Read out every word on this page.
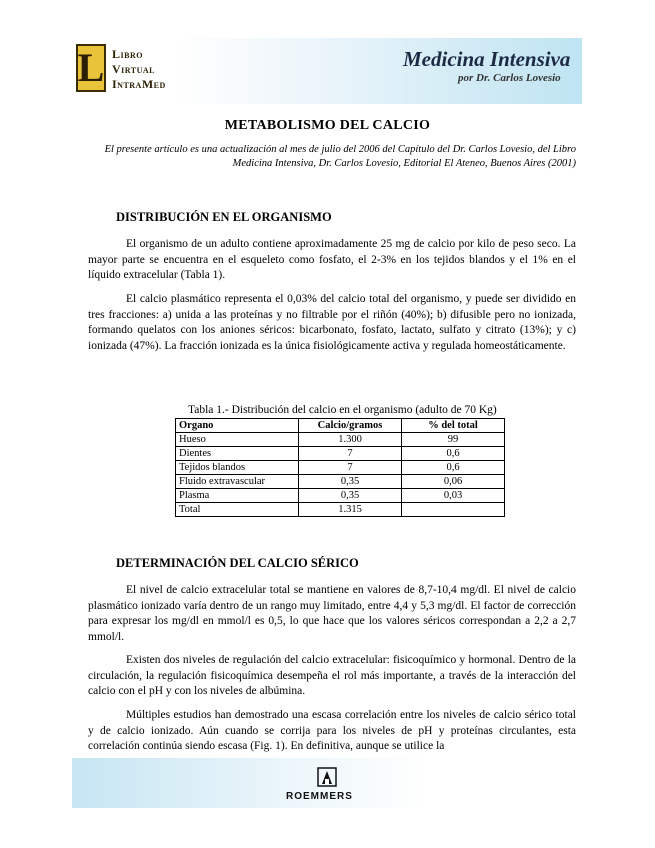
L Libro
Virtual
IntraMed
Medicina Intensiva
por Dr. Carlos Lovesio
METABOLISMO DEL CALCIO
El presente artículo es una actualización al mes de julio del 2006 del Capítulo del Dr. Carlos Lovesio, del Libro Medicina Intensiva, Dr. Carlos Lovesio, Editorial El Ateneo, Buenos Aires (2001)
DISTRIBUCIÓN EN EL ORGANISMO
El organismo de un adulto contiene aproximadamente 25 mg de calcio por kilo de peso seco. La mayor parte se encuentra en el esqueleto como fosfato, el 2-3% en los tejidos blandos y el 1% en el líquido extracelular (Tabla 1).
El calcio plasmático representa el 0,03% del calcio total del organismo, y puede ser dividido en tres fracciones: a) unida a las proteínas y no filtrable por el riñón (40%); b) difusible pero no ionizada, formando quelatos con los aniones séricos: bicarbonato, fosfato, lactato, sulfato y citrato (13%); y c) ionizada (47%). La fracción ionizada es la única fisiológicamente activa y regulada homeostáticamente.
Tabla 1.- Distribución del calcio en el organismo (adulto de 70 Kg)
Organo	Calcio/gramos	% del total
Hueso	1.300	99
Dientes	7	0,6
Tejidos blandos	7	0,6
Fluido extravascular	0,35	0,06
Plasma	0,35	0,03
Total	1.315	
DETERMINACIÓN DEL CALCIO SÉRICO
El nivel de calcio extracelular total se mantiene en valores de 8,7-10,4 mg/dl. El nivel de calcio plasmático ionizado varía dentro de un rango muy limitado, entre 4,4 y 5,3 mg/dl. El factor de corrección para expresar los mg/dl en mmol/l es 0,5, lo que hace que los valores séricos correspondan a 2,2 a 2,7 mmol/l.
Existen dos niveles de regulación del calcio extracelular: fisicoquímico y hormonal. Dentro de la circulación, la regulación fisicoquímica desempeña el rol más importante, a través de la interacción del calcio con el pH y con los niveles de albúmina.
Múltiples estudios han demostrado una escasa correlación entre los niveles de calcio sérico total y de calcio ionizado. Aún cuando se corrija para los niveles de pH y proteínas circulantes, esta correlación continúa siendo escasa (Fig. 1). En definitiva, aunque se utilice la
ROEMMERS
